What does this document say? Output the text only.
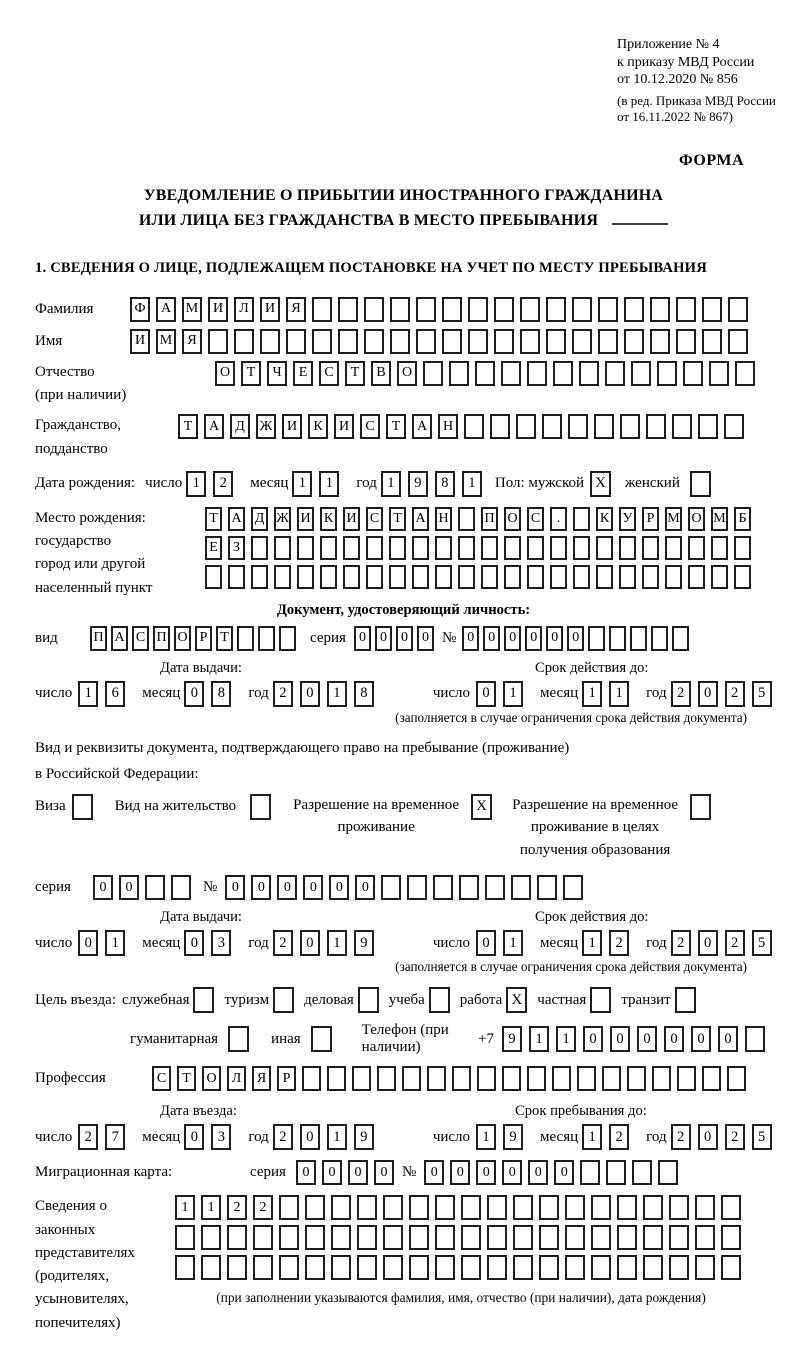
Приложение № 4
к приказу МВД России
от 10.12.2020 № 856
(в ред. Приказа МВД России
от 16.11.2022 № 867)
ФОРМА
УВЕДОМЛЕНИЕ О ПРИБЫТИИ ИНОСТРАННОГО ГРАЖДАНИНА
ИЛИ ЛИЦА БЕЗ ГРАЖДАНСТВА В МЕСТО ПРЕБЫВАНИЯ
1. СВЕДЕНИЯ О ЛИЦЕ, ПОДЛЕЖАЩЕМ ПОСТАНОВКЕ НА УЧЕТ ПО МЕСТУ ПРЕБЫВАНИЯ
Фамилия	Ф	А	М	И	Л	И	Я
Имя	И	М	Я
Отчество
(при наличии)
О	Т	Ч	Е	С	Т	В	О
Гражданство,
подданство
Т	А	Д	Ж	И	К	И	С	Т	А	Н
Дата рождения: число 1	2	месяц 1	1	год 1	9	8	1	Пол: мужской X	женский
Место рождения:
государство
город или другой
населенный пункт
Т А Д Ж И К И С	Т А Н	П О С	.	К У	Р М О М Б
Е	З
Документ, удостоверяющий личность:
вид	П А С П О Р Т	серия 0	0	0	0 № 0	0	0	0	0	0
Дата выдачи:	Срок действия до:
число 1	6	месяц 0	8	год 2	0	1	8	число 0	1	месяц 1	1	год 2	0	2	5
(заполняется в случае ограничения срока действия документа)
Вид и реквизиты документа, подтверждающего право на пребывание (проживание)
в Российской Федерации:
Виза	Вид на жительство	Разрешение на временное
проживание
X	Разрешение на временное
проживание в целях
получения образования
серия	0	0	№	0	0	0	0	0	0
Дата выдачи:	Срок действия до:
число 0	1	месяц 0	3	год 2	0	1	9	число 0	1	месяц 1	2	год 2	0	2	5
(заполняется в случае ограничения срока действия документа)
Цель въезда: служебная туризм деловая учеба работа X	частная транзит
гуманитарная	иная
Телефон (при наличии)
+7 9	1	1	0	0	0	0	0	0
Профессия	С	Т	О	Л	Я	Р
Дата въезда:	Срок пребывания до:
число 2	7	месяц 0	3	год 2	0	1	9	число 1	9	месяц 1	2	год 2	0	2	5
Миграционная карта:	серия	0	0	0	0 №	0	0	0	0	0	0
Сведения о
законных
представителях
(родителях,
усыновителях,
попечителях)
1	1	2	2
(при заполнении указываются фамилия, имя, отчество (при наличии), дата рождения)
